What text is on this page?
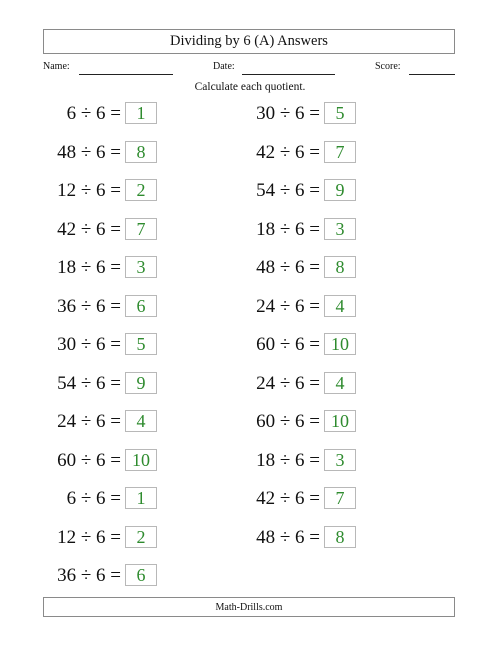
Dividing by 6 (A) Answers
Name:	Date:	Score:
Calculate each quotient.
6 ÷ 6 = 1
48 ÷ 6 = 8
12 ÷ 6 = 2
42 ÷ 6 = 7
18 ÷ 6 = 3
36 ÷ 6 = 6
30 ÷ 6 = 5
54 ÷ 6 = 9
24 ÷ 6 = 4
60 ÷ 6 = 10
6 ÷ 6 = 1
12 ÷ 6 = 2
36 ÷ 6 = 6
30 ÷ 6 = 5
42 ÷ 6 = 7
54 ÷ 6 = 9
18 ÷ 6 = 3
48 ÷ 6 = 8
24 ÷ 6 = 4
60 ÷ 6 = 10
24 ÷ 6 = 4
60 ÷ 6 = 10
18 ÷ 6 = 3
42 ÷ 6 = 7
48 ÷ 6 = 8
Math-Drills.com
